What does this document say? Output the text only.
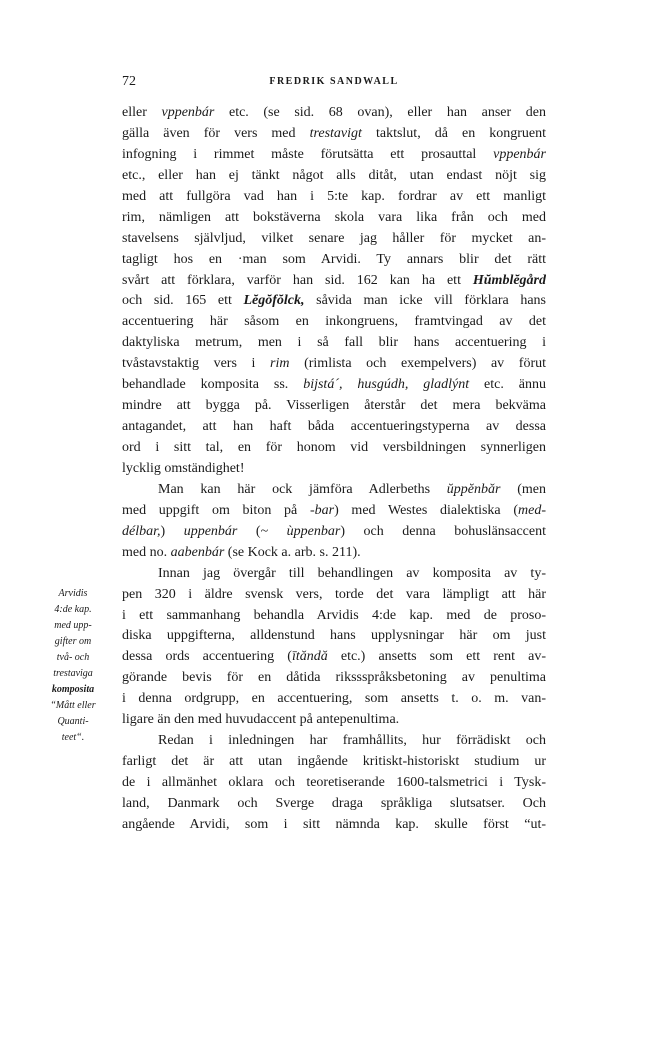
72	FREDRIK SANDWALL
Arvidis
4:de kap.
med upp-
gifter om
två- och
trestaviga
komposita
“Mått eller
Quanti-
teet“.
eller vppenbár etc. (se sid. 68 ovan), eller han anser den
gälla även för vers med trestavigt taktslut, då en kongruent
infogning i rimmet måste förutsätta ett prosauttal vppenbár
etc., eller han ej tänkt något alls ditåt, utan endast nöjt sig
med att fullgöra vad han i 5:te kap. fordrar av ett manligt
rim, nämligen att bokstäverna skola vara lika från och med
stavelsens självljud, vilket senare jag håller för mycket an-
tagligt hos en ·man som Arvidi. Ty annars blir det rätt
svårt att förklara, varför han sid. 162 kan ha ett Hŭmblĕgård
och sid. 165 ett Lĕgŏfŏlck, såvida man icke vill förklara hans
accentuering här såsom en inkongruens, framtvingad av det
daktyliska metrum, men i så fall blir hans accentuering i
tvåstavstaktig vers i rim (rimlista och exempelvers) av förut
behandlade komposita ss. bijstá´, husgúdh, gladlýnt etc. ännu
mindre att bygga på. Visserligen återstår det mera bekväma
antagandet, att han haft båda accentueringstyperna av dessa
ord i sitt tal, en för honom vid versbildningen synnerligen
lycklig omständighet!
Man kan här ock jämföra Adlerbeths ŭppĕnbăr (men
med uppgift om biton på -bar) med Westes dialektiska (med-
délbar,) uppenbár (~ ùppenbar) och denna bohuslänsaccent
med no. aabenbár (se Kock a. arb. s. 211).
Innan jag övergår till behandlingen av komposita av ty-
pen 320 i äldre svensk vers, torde det vara lämpligt att här
i ett sammanhang behandla Arvidis 4:de kap. med de proso-
diska uppgifterna, alldenstund hans upplysningar här om just
dessa ords accentuering (ītăndă etc.) ansetts som ett rent av-
görande bevis för en dåtida rikssspråksbetoning av penultima
i denna ordgrupp, en accentuering, som ansetts t. o. m. van-
ligare än den med huvudaccent på antepenultima.
Redan i inledningen har framhållits, hur förrädiskt och
farligt det är att utan ingående kritiskt-historiskt studium ur
de i allmänhet oklara och teoretiserande 1600-talsmetrici i Tysk-
land, Danmark och Sverge draga språkliga slutsatser. Och
angående Arvidi, som i sitt nämnda kap. skulle först “ut-
